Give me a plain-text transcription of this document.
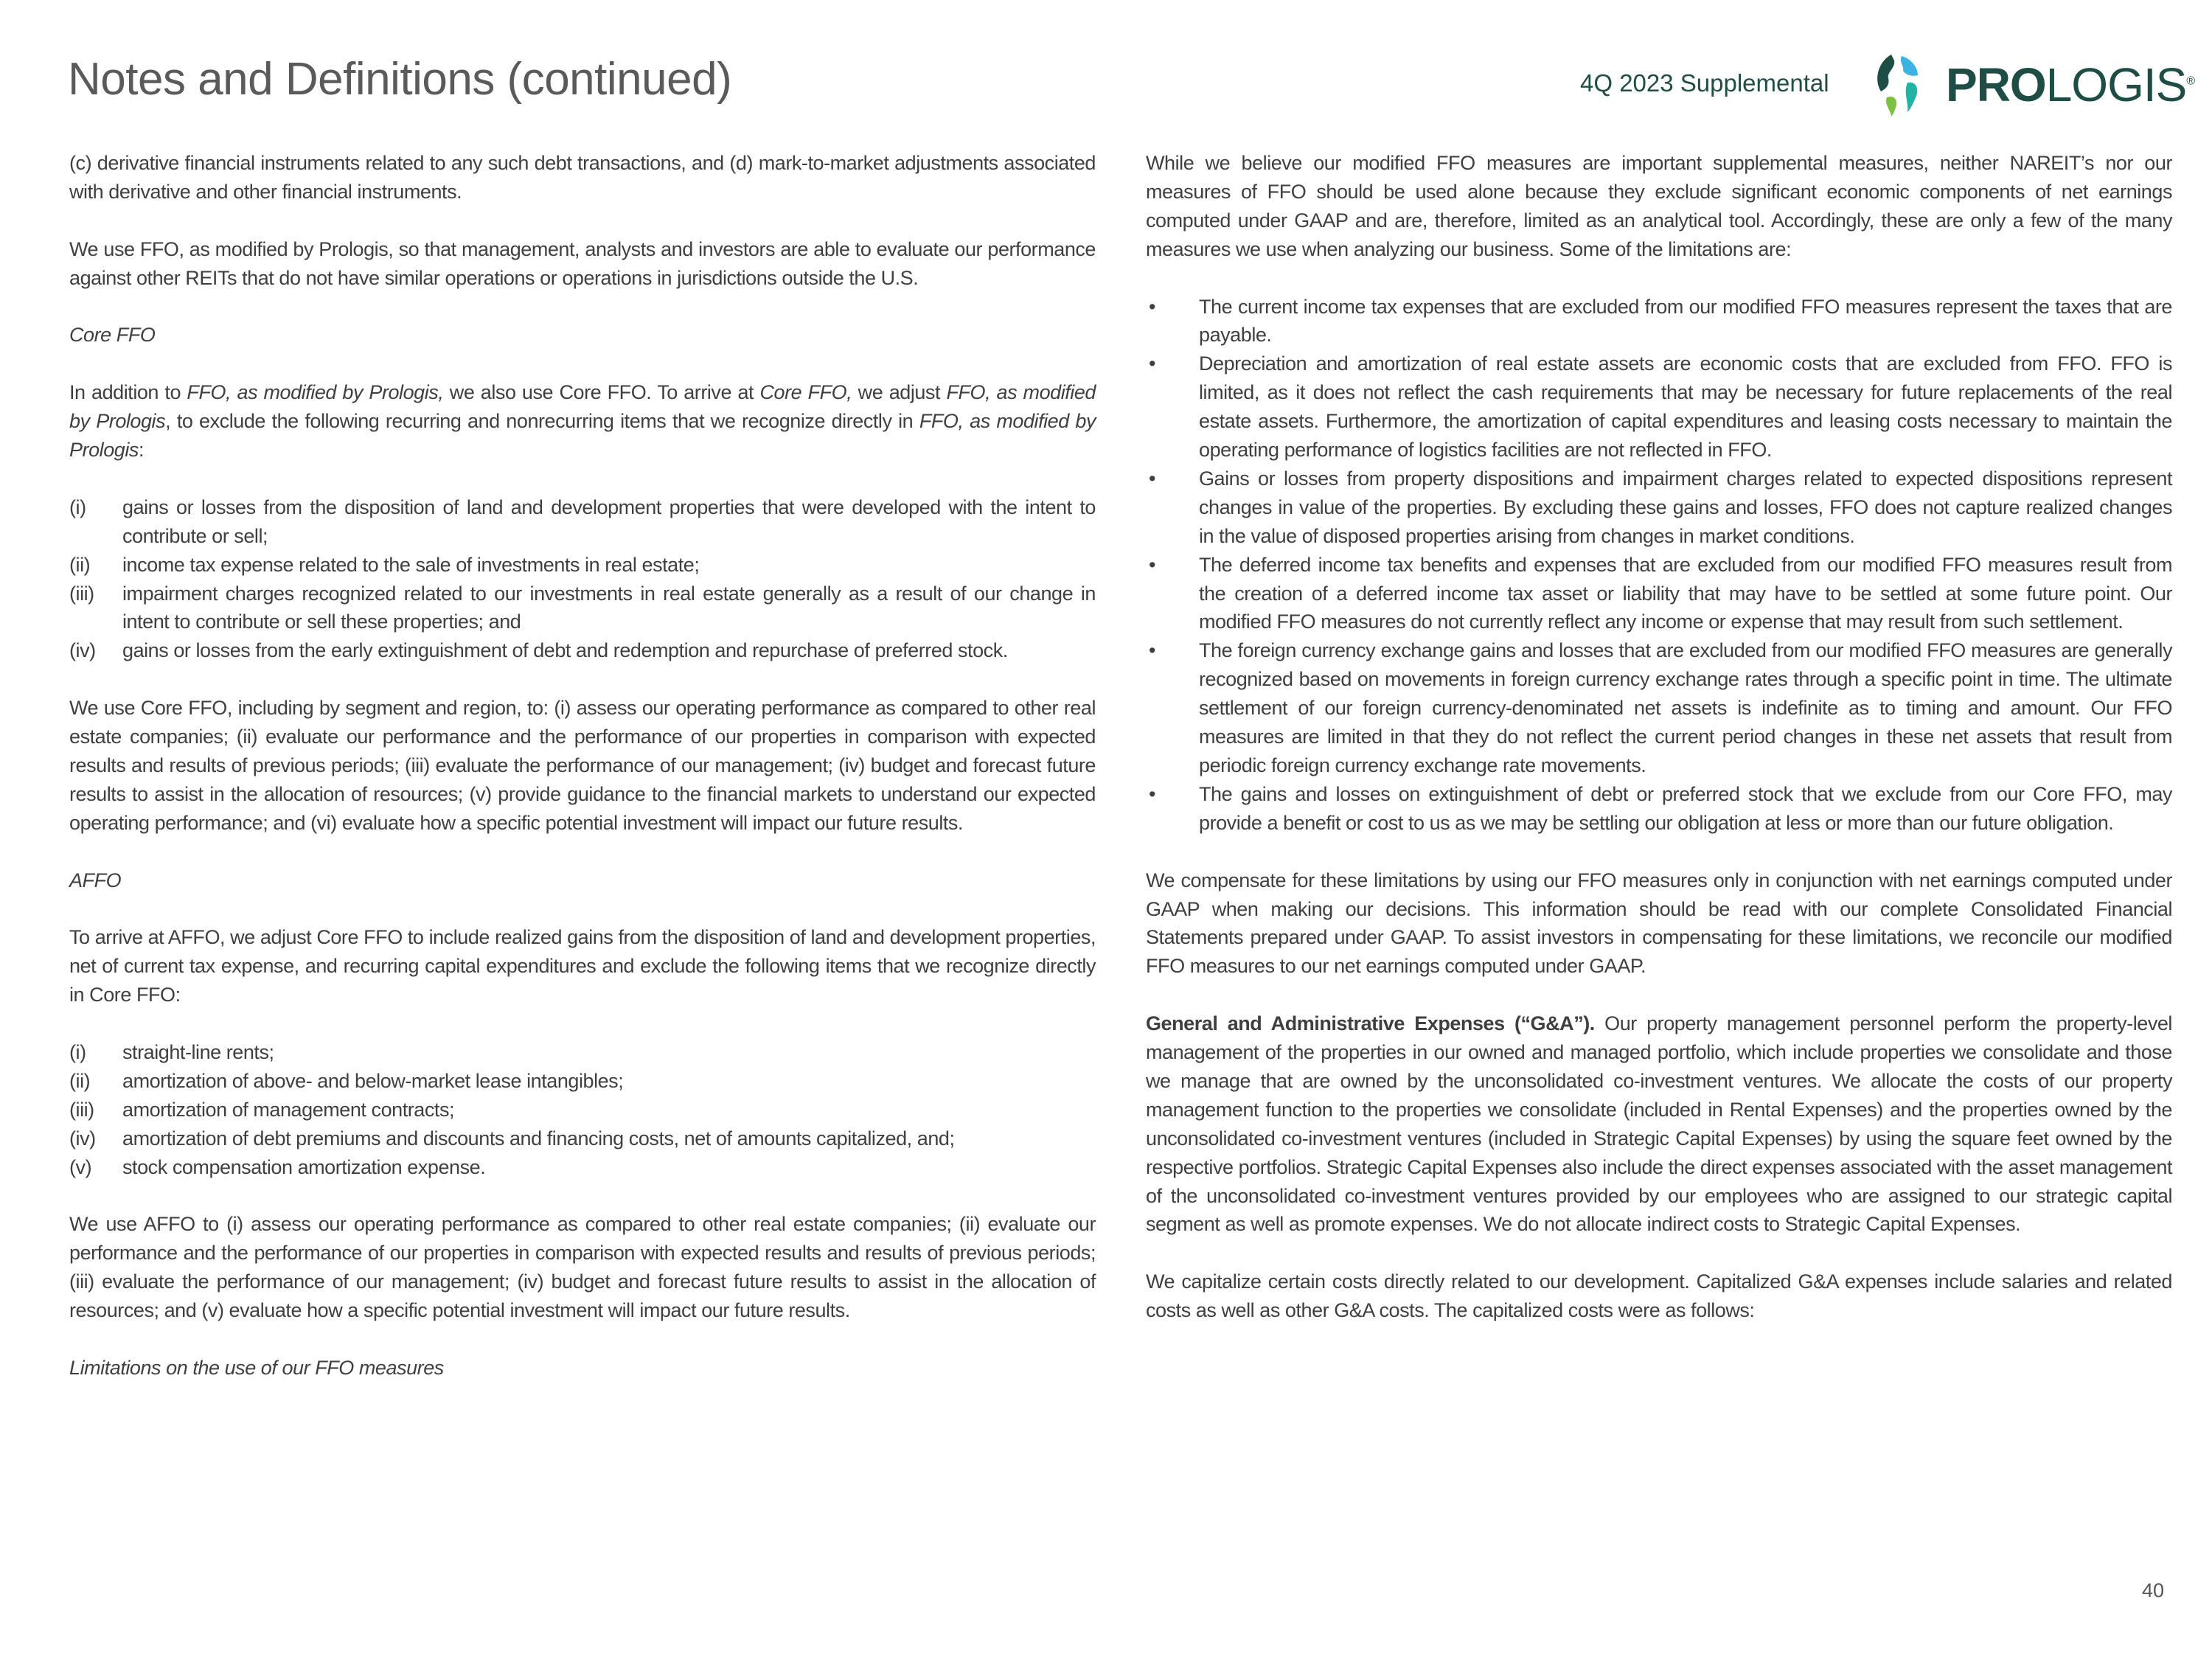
Notes and Definitions (continued)	4Q 2023 Supplemental PROLOGIS®

(c) derivative financial instruments related to any such debt transactions, and (d) mark-to-market adjustments associated with derivative and other financial instruments.

We use FFO, as modified by Prologis, so that management, analysts and investors are able to evaluate our performance against other REITs that do not have similar operations or operations in jurisdictions outside the U.S.

Core FFO

In addition to FFO, as modified by Prologis, we also use Core FFO. To arrive at Core FFO, we adjust FFO, as modified by Prologis, to exclude the following recurring and nonrecurring items that we recognize directly in FFO, as modified by Prologis:

(i) gains or losses from the disposition of land and development properties that were developed with the intent to contribute or sell;
(ii) income tax expense related to the sale of investments in real estate;
(iii) impairment charges recognized related to our investments in real estate generally as a result of our change in intent to contribute or sell these properties; and
(iv) gains or losses from the early extinguishment of debt and redemption and repurchase of preferred stock.

We use Core FFO, including by segment and region, to: (i) assess our operating performance as compared to other real estate companies; (ii) evaluate our performance and the performance of our properties in comparison with expected results and results of previous periods; (iii) evaluate the performance of our management; (iv) budget and forecast future results to assist in the allocation of resources; (v) provide guidance to the financial markets to understand our expected operating performance; and (vi) evaluate how a specific potential investment will impact our future results.

AFFO

To arrive at AFFO, we adjust Core FFO to include realized gains from the disposition of land and development properties, net of current tax expense, and recurring capital expenditures and exclude the following items that we recognize directly in Core FFO:

(i) straight-line rents;
(ii) amortization of above- and below-market lease intangibles;
(iii) amortization of management contracts;
(iv) amortization of debt premiums and discounts and financing costs, net of amounts capitalized, and;
(v) stock compensation amortization expense.

We use AFFO to (i) assess our operating performance as compared to other real estate companies; (ii) evaluate our performance and the performance of our properties in comparison with expected results and results of previous periods; (iii) evaluate the performance of our management; (iv) budget and forecast future results to assist in the allocation of resources; and (v) evaluate how a specific potential investment will impact our future results.

Limitations on the use of our FFO measures

While we believe our modified FFO measures are important supplemental measures, neither NAREIT’s nor our measures of FFO should be used alone because they exclude significant economic components of net earnings computed under GAAP and are, therefore, limited as an analytical tool. Accordingly, these are only a few of the many measures we use when analyzing our business. Some of the limitations are:

• The current income tax expenses that are excluded from our modified FFO measures represent the taxes that are payable.
• Depreciation and amortization of real estate assets are economic costs that are excluded from FFO. FFO is limited, as it does not reflect the cash requirements that may be necessary for future replacements of the real estate assets. Furthermore, the amortization of capital expenditures and leasing costs necessary to maintain the operating performance of logistics facilities are not reflected in FFO.
• Gains or losses from property dispositions and impairment charges related to expected dispositions represent changes in value of the properties. By excluding these gains and losses, FFO does not capture realized changes in the value of disposed properties arising from changes in market conditions.
• The deferred income tax benefits and expenses that are excluded from our modified FFO measures result from the creation of a deferred income tax asset or liability that may have to be settled at some future point. Our modified FFO measures do not currently reflect any income or expense that may result from such settlement.
• The foreign currency exchange gains and losses that are excluded from our modified FFO measures are generally recognized based on movements in foreign currency exchange rates through a specific point in time. The ultimate settlement of our foreign currency-denominated net assets is indefinite as to timing and amount. Our FFO measures are limited in that they do not reflect the current period changes in these net assets that result from periodic foreign currency exchange rate movements.
• The gains and losses on extinguishment of debt or preferred stock that we exclude from our Core FFO, may provide a benefit or cost to us as we may be settling our obligation at less or more than our future obligation.

We compensate for these limitations by using our FFO measures only in conjunction with net earnings computed under GAAP when making our decisions. This information should be read with our complete Consolidated Financial Statements prepared under GAAP. To assist investors in compensating for these limitations, we reconcile our modified FFO measures to our net earnings computed under GAAP.

General and Administrative Expenses (“G&A”). Our property management personnel perform the property-level management of the properties in our owned and managed portfolio, which include properties we consolidate and those we manage that are owned by the unconsolidated co-investment ventures. We allocate the costs of our property management function to the properties we consolidate (included in Rental Expenses) and the properties owned by the unconsolidated co-investment ventures (included in Strategic Capital Expenses) by using the square feet owned by the respective portfolios. Strategic Capital Expenses also include the direct expenses associated with the asset management of the unconsolidated co-investment ventures provided by our employees who are assigned to our strategic capital segment as well as promote expenses. We do not allocate indirect costs to Strategic Capital Expenses.

We capitalize certain costs directly related to our development. Capitalized G&A expenses include salaries and related costs as well as other G&A costs. The capitalized costs were as follows:

40
